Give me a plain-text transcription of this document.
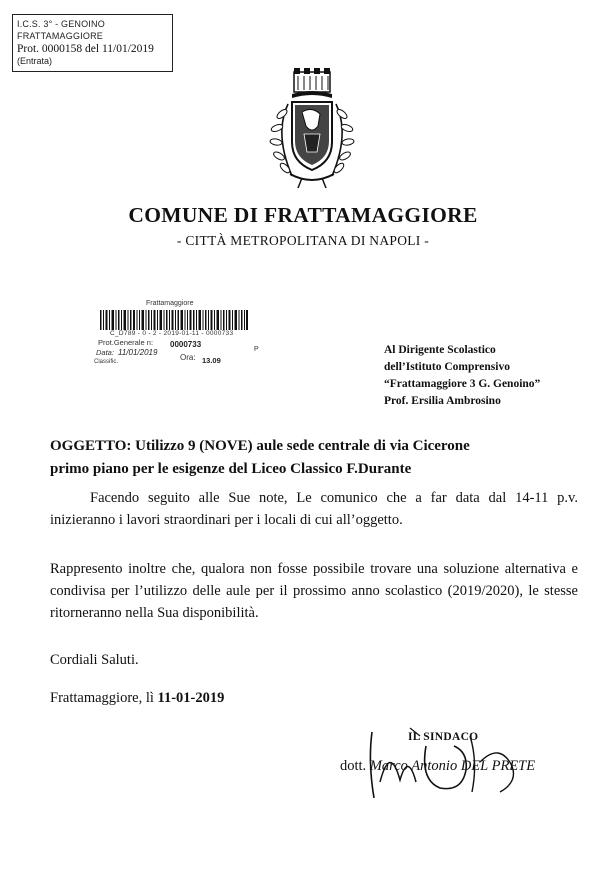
I.C.S. 3° - GENOINO
FRATTAMAGGIORE
Prot. 0000158 del 11/01/2019
(Entrata)
COMUNE DI FRATTAMAGGIORE
- CITTÀ METROPOLITANA DI NAPOLI -
Frattamaggiore
C_D789 - 0 - 2 - 2019-01-11 - 0000733
Prot.Generale n: 0000733
P
Data: 11/01/2019
Ora: 13.09
Classific.
Al Dirigente Scolastico
dell’Istituto Comprensivo
“Frattamaggiore 3 G. Genoino”
Prof. Ersilia Ambrosino
OGGETTO: Utilizzo 9 (NOVE) aule sede centrale di via Cicerone
primo piano per le esigenze del Liceo Classico F.Durante
Facendo seguito alle Sue note, Le comunico che a far data dal 14-11 p.v. inizieranno i lavori straordinari per i locali di cui all’oggetto.
Rappresento inoltre che, qualora non fosse possibile trovare una soluzione alternativa e condivisa per l’utilizzo delle aule per il prossimo anno scolastico (2019/2020), le stesse ritorneranno nella Sua disponibilità.
Cordiali Saluti.
Frattamaggiore, lì 11-01-2019
IL SINDACO
dott. Marco Antonio DEL PRETE
